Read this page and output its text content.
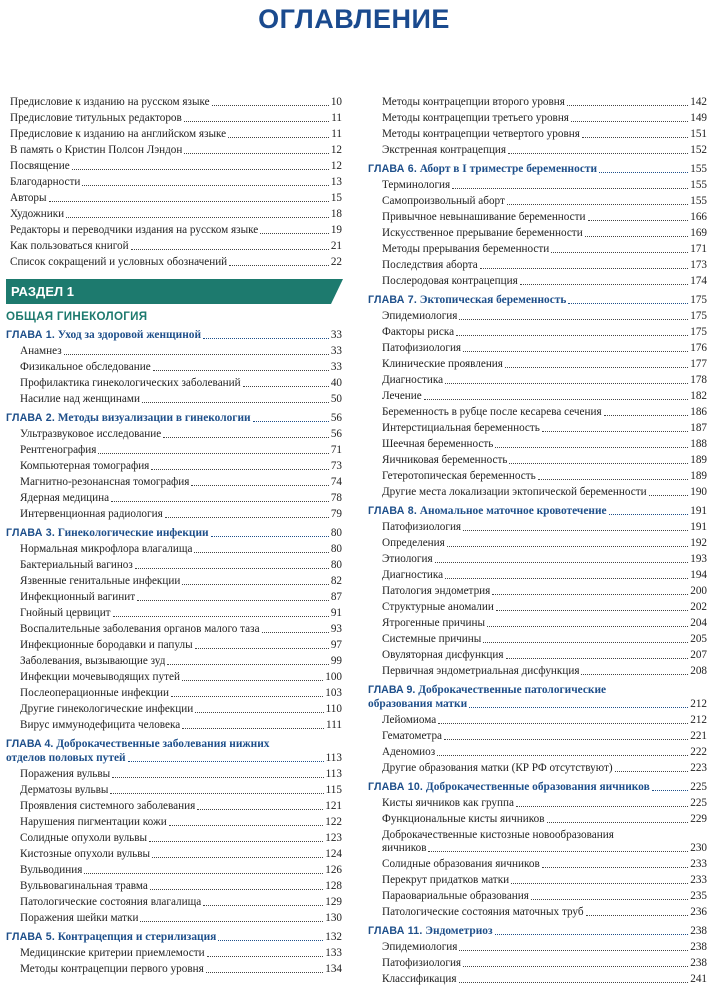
ОГЛАВЛЕНИЕ
Предисловие к изданию на русском языке	10
Предисловие титульных редакторов	11
Предисловие к изданию на английском языке	11
В память о Кристин Полсон Лэндон	12
Посвящение	12
Благодарности	13
Авторы	15
Художники	18
Редакторы и переводчики издания на русском языке	19
Как пользоваться книгой	21
Список сокращений и условных обозначений	22
РАЗДЕЛ 1
ОБЩАЯ ГИНЕКОЛОГИЯ
ГЛАВА 1. Уход за здоровой женщиной	33
Анамнез	33
Физикальное обследование	33
Профилактика гинекологических заболеваний	40
Насилие над женщинами	50
ГЛАВА 2. Методы визуализации в гинекологии	56
Ультразвуковое исследование	56
Рентгенография	71
Компьютерная томография	73
Магнитно-резонансная томография	74
Ядерная медицина	78
Интервенционная радиология	79
ГЛАВА 3. Гинекологические инфекции	80
Нормальная микрофлора влагалища	80
Бактериальный вагиноз	80
Язвенные генитальные инфекции	82
Инфекционный вагинит	87
Гнойный цервицит	91
Воспалительные заболевания органов малого таза	93
Инфекционные бородавки и папулы	97
Заболевания, вызывающие зуд	99
Инфекции мочевыводящих путей	100
Послеоперационные инфекции	103
Другие гинекологические инфекции	110
Вирус иммунодефицита человека	111
ГЛАВА 4. Доброкачественные заболевания нижних
отделов половых путей	113
Поражения вульвы	113
Дерматозы вульвы	115
Проявления системного заболевания	121
Нарушения пигментации кожи	122
Солидные опухоли вульвы	123
Кистозные опухоли вульвы	124
Вульводиния	126
Вульвовагинальная травма	128
Патологические состояния влагалища	129
Поражения шейки матки	130
ГЛАВА 5. Контрацепция и стерилизация	132
Медицинские критерии приемлемости	133
Методы контрацепции первого уровня	134
Методы контрацепции второго уровня	142
Методы контрацепции третьего уровня	149
Методы контрацепции четвертого уровня	151
Экстренная контрацепция	152
ГЛАВА 6. Аборт в I триместре беременности	155
Терминология	155
Самопроизвольный аборт	155
Привычное невынашивание беременности	166
Искусственное прерывание беременности	169
Методы прерывания беременности	171
Последствия аборта	173
Послеродовая контрацепция	174
ГЛАВА 7. Эктопическая беременность	175
Эпидемиология	175
Факторы риска	175
Патофизиология	176
Клинические проявления	177
Диагностика	178
Лечение	182
Беременность в рубце после кесарева сечения	186
Интерстициальная беременность	187
Шеечная беременность	188
Яичниковая беременность	189
Гетеротопическая беременность	189
Другие места локализации эктопической беременности	190
ГЛАВА 8. Аномальное маточное кровотечение	191
Патофизиология	191
Определения	192
Этиология	193
Диагностика	194
Патология эндометрия	200
Структурные аномалии	202
Ятрогенные причины	204
Системные причины	205
Овуляторная дисфункция	207
Первичная эндометриальная дисфункция	208
ГЛАВА 9. Доброкачественные патологические
образования матки	212
Лейомиома	212
Гематометра	221
Аденомиоз	222
Другие образования матки (КР РФ отсутствуют)	223
ГЛАВА 10. Доброкачественные образования яичников	225
Кисты яичников как группа	225
Функциональные кисты яичников	229
Доброкачественные кистозные новообразования
яичников	230
Солидные образования яичников	233
Перекрут придатков матки	233
Параовариальные образования	235
Патологические состояния маточных труб	236
ГЛАВА 11. Эндометриоз	238
Эпидемиология	238
Патофизиология	238
Классификация	241
